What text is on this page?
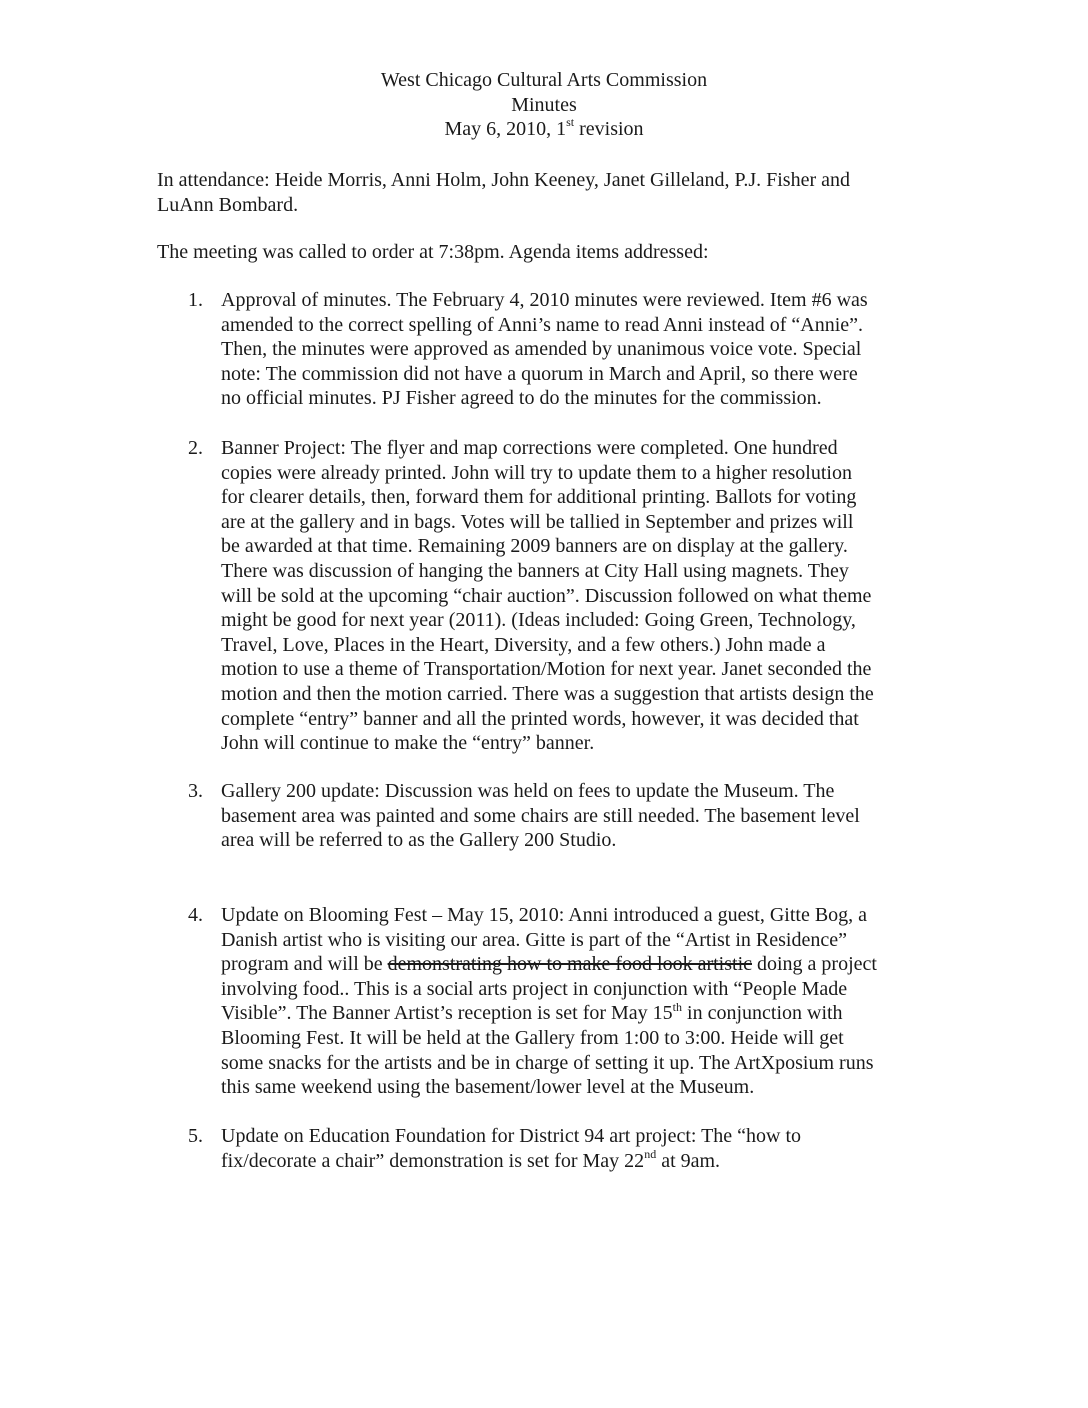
West Chicago Cultural Arts Commission
Minutes
May 6, 2010, 1st revision
In attendance: Heide Morris, Anni Holm, John Keeney, Janet Gilleland, P.J. Fisher and
LuAnn Bombard.
The meeting was called to order at 7:38pm. Agenda items addressed:
1. Approval of minutes. The February 4, 2010 minutes were reviewed. Item #6 was

amended to the correct spelling of Anni’s name to read Anni instead of “Annie”.

Then, the minutes were approved as amended by unanimous voice vote. Special

note: The commission did not have a quorum in March and April, so there were

no official minutes. PJ Fisher agreed to do the minutes for the commission.

2. Banner Project: The flyer and map corrections were completed. One hundred

copies were already printed. John will try to update them to a higher resolution

for clearer details, then, forward them for additional printing. Ballots for voting

are at the gallery and in bags. Votes will be tallied in September and prizes will

be awarded at that time. Remaining 2009 banners are on display at the gallery.

There was discussion of hanging the banners at City Hall using magnets. They

will be sold at the upcoming “chair auction”. Discussion followed on what theme

might be good for next year (2011). (Ideas included: Going Green, Technology,

Travel, Love, Places in the Heart, Diversity, and a few others.) John made a

motion to use a theme of Transportation/Motion for next year. Janet seconded the

motion and then the motion carried. There was a suggestion that artists design the

complete “entry” banner and all the printed words, however, it was decided that

John will continue to make the “entry” banner.

3. Gallery 200 update: Discussion was held on fees to update the Museum. The

basement area was painted and some chairs are still needed. The basement level

area will be referred to as the Gallery 200 Studio.

4. Update on Blooming Fest – May 15, 2010: Anni introduced a guest, Gitte Bog, a

Danish artist who is visiting our area. Gitte is part of the “Artist in Residence”

program and will be demonstrating how to make food look artistic doing a project

involving food.. This is a social arts project in conjunction with “People Made

Visible”. The Banner Artist’s reception is set for May 15th in conjunction with

Blooming Fest. It will be held at the Gallery from 1:00 to 3:00. Heide will get

some snacks for the artists and be in charge of setting it up. The ArtXposium runs

this same weekend using the basement/lower level at the Museum.

5. Update on Education Foundation for District 94 art project: The “how to

fix/decorate a chair” demonstration is set for May 22nd at 9am.
